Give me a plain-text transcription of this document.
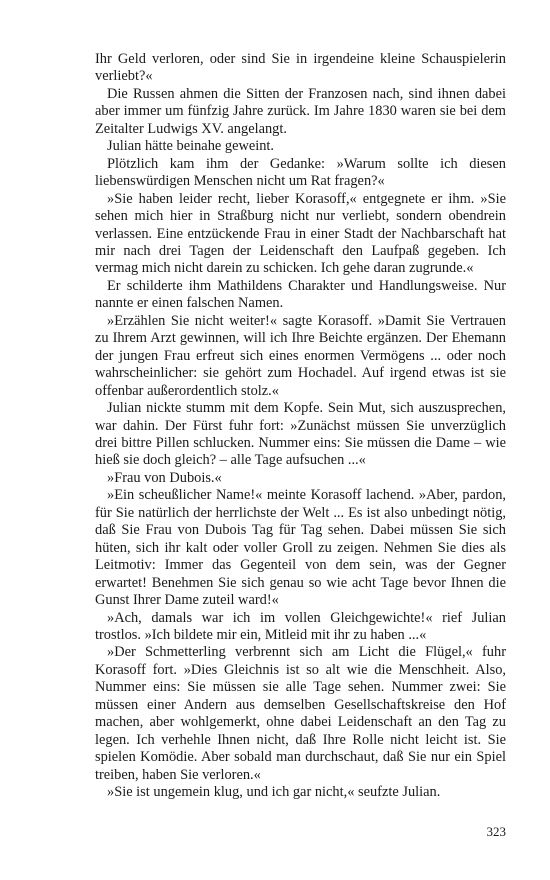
Ihr Geld verloren, oder sind Sie in irgendeine kleine Schauspielerin verliebt?«

Die Russen ahmen die Sitten der Franzosen nach, sind ihnen dabei aber immer um fünfzig Jahre zurück. Im Jahre 1830 waren sie bei dem Zeitalter Ludwigs XV. angelangt.

Julian hätte beinahe geweint.

Plötzlich kam ihm der Gedanke: »Warum sollte ich diesen liebenswürdigen Menschen nicht um Rat fragen?«

»Sie haben leider recht, lieber Korasoff,« entgegnete er ihm. »Sie sehen mich hier in Straßburg nicht nur verliebt, sondern obendrein verlassen. Eine entzückende Frau in einer Stadt der Nachbarschaft hat mir nach drei Tagen der Leidenschaft den Laufpaß gegeben. Ich vermag mich nicht darein zu schicken. Ich gehe daran zugrunde.«

Er schilderte ihm Mathildens Charakter und Handlungsweise. Nur nannte er einen falschen Namen.

»Erzählen Sie nicht weiter!« sagte Korasoff. »Damit Sie Vertrauen zu Ihrem Arzt gewinnen, will ich Ihre Beichte ergänzen. Der Ehemann der jungen Frau erfreut sich eines enormen Vermögens ... oder noch wahrscheinlicher: sie gehört zum Hochadel. Auf irgend etwas ist sie offenbar außerordentlich stolz.«

Julian nickte stumm mit dem Kopfe. Sein Mut, sich auszusprechen, war dahin. Der Fürst fuhr fort: »Zunächst müssen Sie unverzüglich drei bittre Pillen schlucken. Nummer eins: Sie müssen die Dame – wie hieß sie doch gleich? – alle Tage aufsuchen ...«

»Frau von Dubois.«

»Ein scheußlicher Name!« meinte Korasoff lachend. »Aber, pardon, für Sie natürlich der herrlichste der Welt ... Es ist also unbedingt nötig, daß Sie Frau von Dubois Tag für Tag sehen. Dabei müssen Sie sich hüten, sich ihr kalt oder voller Groll zu zeigen. Nehmen Sie dies als Leitmotiv: Immer das Gegenteil von dem sein, was der Gegner erwartet! Benehmen Sie sich genau so wie acht Tage bevor Ihnen die Gunst Ihrer Dame zuteil ward!«

»Ach, damals war ich im vollen Gleichgewichte!« rief Julian trostlos. »Ich bildete mir ein, Mitleid mit ihr zu haben ...«

»Der Schmetterling verbrennt sich am Licht die Flügel,« fuhr Korasoff fort. »Dies Gleichnis ist so alt wie die Menschheit. Also, Nummer eins: Sie müssen sie alle Tage sehen. Nummer zwei: Sie müssen einer Andern aus demselben Gesellschaftskreise den Hof machen, aber wohlgemerkt, ohne dabei Leidenschaft an den Tag zu legen. Ich verhehle Ihnen nicht, daß Ihre Rolle nicht leicht ist. Sie spielen Komödie. Aber sobald man durchschaut, daß Sie nur ein Spiel treiben, haben Sie verloren.«

»Sie ist ungemein klug, und ich gar nicht,« seufzte Julian.

323
